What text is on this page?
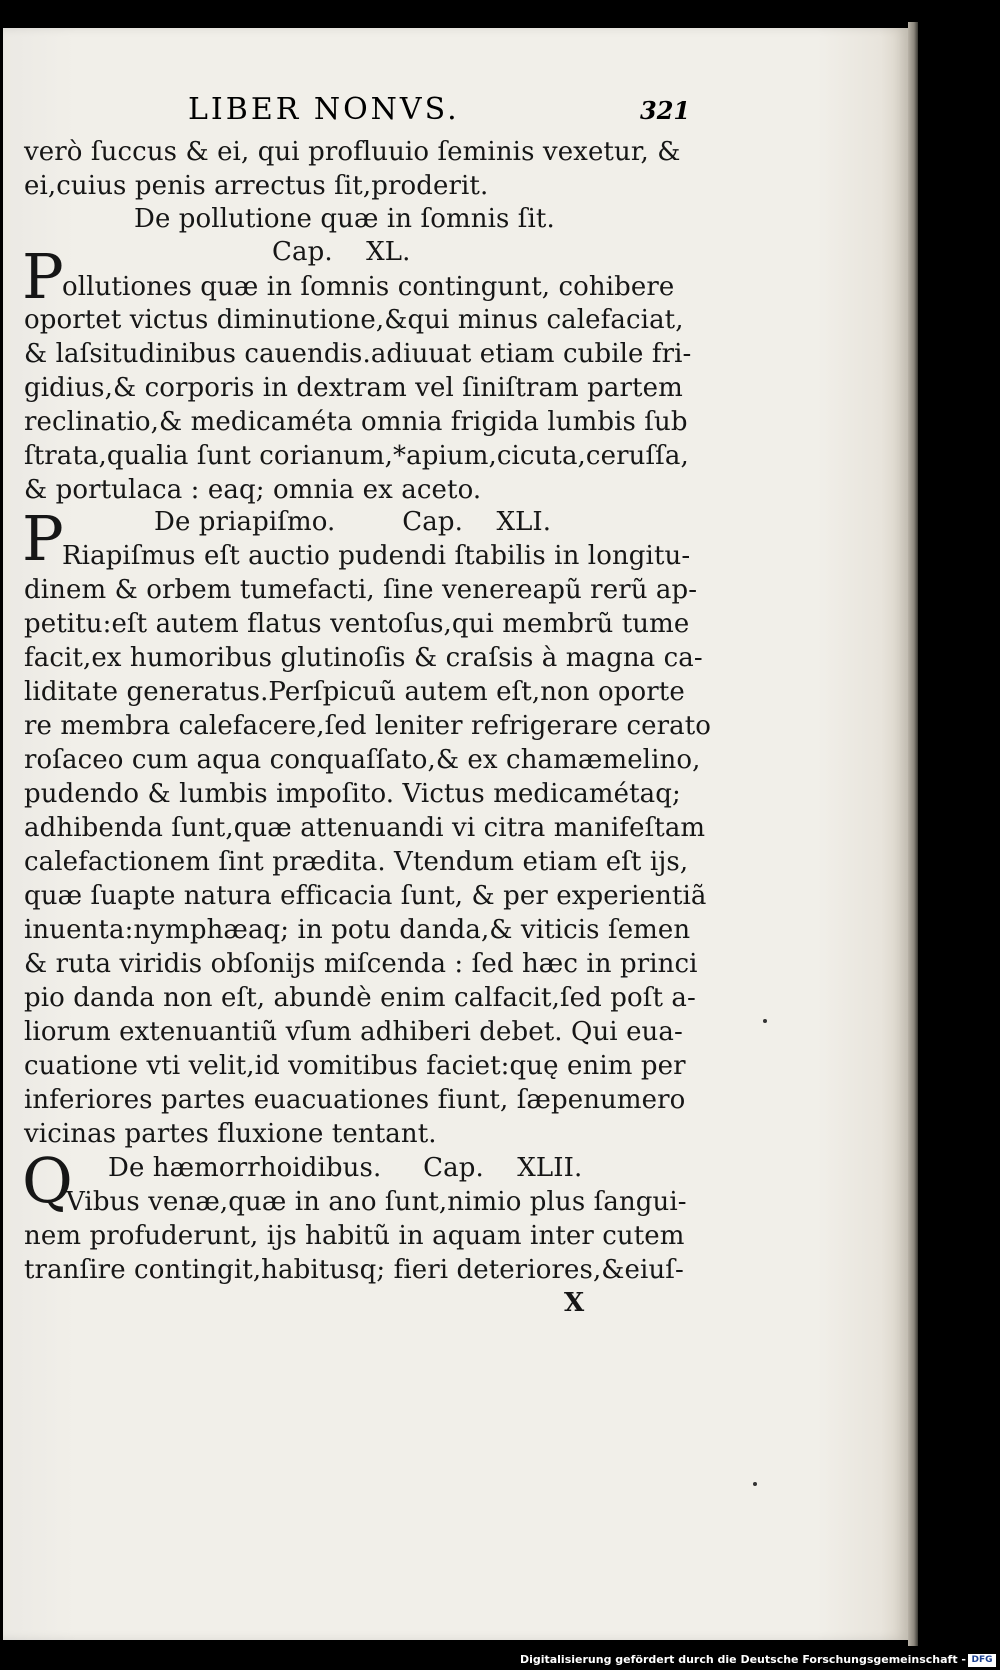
LIBER NONVS.	321
verò ſuccus & ei, qui profluuio ſeminis vexetur, &
ei,cuius penis arrectus ſit,proderit.
De pollutione quæ in ſomnis ſit.
Cap.    XL.
P
ollutiones quæ in ſomnis contingunt, cohibere
oportet victus diminutione,&qui minus calefaciat,
& laſsitudinibus cauendis.adiuuat etiam cubile fri-
gidius,& corporis in dextram vel ſiniſtram partem
reclinatio,& medicaméta omnia frigida lumbis ſub
ſtrata,qualia ſunt corianum,*apium,cicuta,ceruſſa,
& portulaca : eaq; omnia ex aceto.
P	De priapiſmo.        Cap.    XLI.
Riapiſmus eſt auctio pudendi ſtabilis in longitu-
dinem & orbem tumefacti, ſine venereарũ rerũ ap-
petitu:eſt autem flatus ventoſus,qui membrũ tume
facit,ex humoribus glutinoſis & craſsis à magna ca-
liditate generatus.Perſpicuũ autem eſt,non oporte
re membra calefacere,ſed leniter refrigerare cerato
roſaceo cum aqua conquaſſato,& ex chamæmelino,
pudendo & lumbis impoſito. Victus medicamétaq;
adhibenda ſunt,quæ attenuandi vi citra manifeſtam
calefactionem ſint prædita. Vtendum etiam eſt ijs,
quæ ſuapte natura efficacia ſunt, & per experientiã
inuenta:nymphæaq; in potu danda,& viticis ſemen
& ruta viridis obſonijs miſcenda : ſed hæc in princi
pio danda non eſt, abundè enim calfacit,ſed poſt a-
liorum extenuantiũ vſum adhiberi debet. Qui eua-
cuatione vti velit,id vomitibus faciet:quę enim per
inferiores partes euacuationes fiunt, ſæpenumero
vicinas partes fluxione tentant.
Q De hæmorrhoidibus.     Cap.    XLII.
Vibus venæ,quæ in ano ſunt,nimio plus ſangui-
nem profuderunt, ijs habitũ in aquam inter cutem
tranſire contingit,habitusq; fieri deteriores,&eiuſ-
X
Digitalisierung gefördert durch die Deutsche Forschungsgemeinschaft - DFG
